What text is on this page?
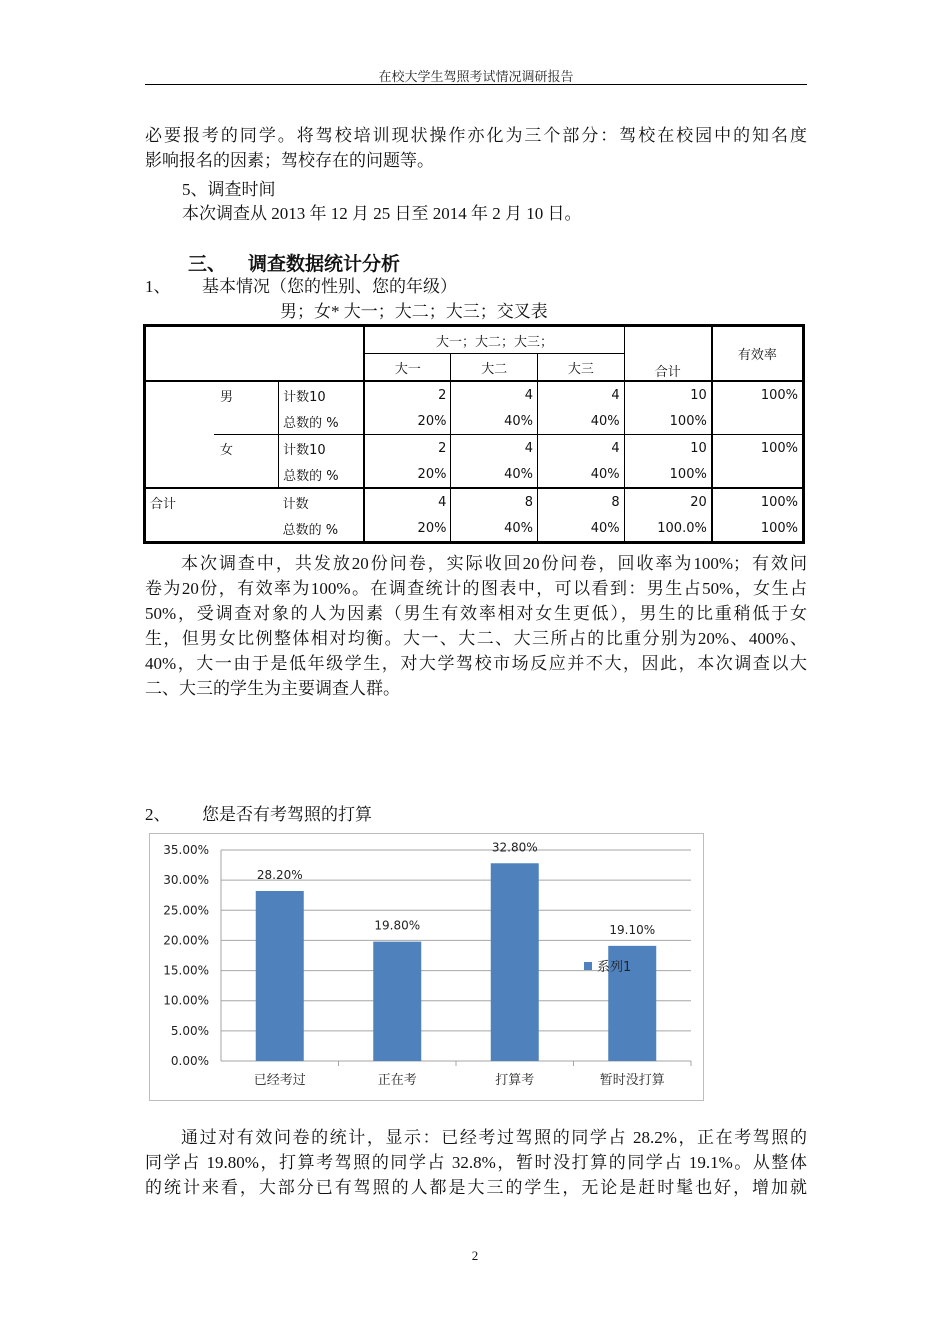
在校大学生驾照考试情况调研报告
必要报考的同学。将驾校培训现状操作亦化为三个部分：驾校在校园中的知名度
影响报名的因素；驾校存在的问题等。
5、调查时间
本次调查从 2013 年 12 月 25 日至 2014 年 2 月 10 日。
三、 调查数据统计分析
1、 基本情况（您的性别、您的年级）
男；女* 大一；大二；大三；交叉表
			大一；大二；大三；			合计	有效率
			大一	大二	大三		
	男	计数10	2	4	4	10	100%
		总数的 %	20%	40%	40%	100%	
	女	计数10	2	4	4	10	100%
		总数的 %	20%	40%	40%	100%	
合计		计数	4	8	8	20	100%
		总数的 %	20%	40%	40%	100.0%	100%
本次调查中，共发放20份问卷，实际收回20份问卷，回收率为100%；有效问
卷为20份，有效率为100%。在调查统计的图表中，可以看到：男生占50%，女生占
50%，受调查对象的人为因素（男生有效率相对女生更低），男生的比重稍低于女
生，但男女比例整体相对均衡。大一、大二、大三所占的比重分别为20%、400%、
40%，大一由于是低年级学生，对大学驾校市场反应并不大，因此，本次调查以大
二、大三的学生为主要调查人群。
2、 您是否有考驾照的打算
0.00%
5.00%
10.00%
15.00%
20.00%
25.00%
30.00%
35.00%
28.20%
已经考过
19.80%
正在考
32.80%
打算考
19.10%
暂时没打算
系列1
通过对有效问卷的统计，显示：已经考过驾照的同学占 28.2%，正在考驾照的
同学占 19.80%，打算考驾照的同学占 32.8%，暂时没打算的同学占 19.1%。从整体
的统计来看，大部分已有驾照的人都是大三的学生，无论是赶时髦也好，增加就
2
